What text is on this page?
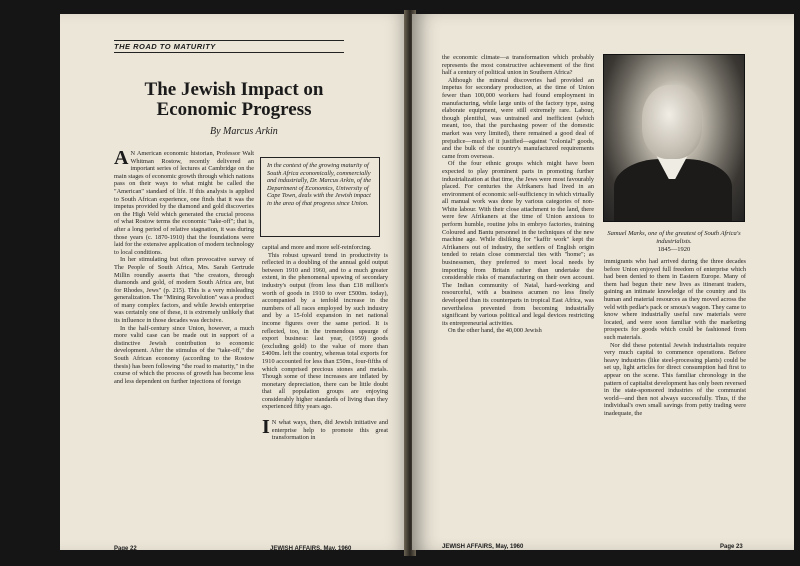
THE ROAD TO MATURITY
The Jewish Impact on Economic Progress
By Marcus Arkin
In the context of the growing maturity of South Africa economically, commercially and industrially, Dr. Marcus Arkin, of the Department of Economics, University of Cape Town, deals with the Jewish impact in the area of that progress since Union.

A N American economic historian, Professor Walt Whitman Rostow, recently delivered an important series of lectures at Cambridge on the main stages of economic growth through which nations pass on their ways to what might be called the "American" standard of life. If this analysis is applied to South African experience, one finds that it was the impetus provided by the diamond and gold discoveries on the High Veld which generated the crucial process of what Rostow terms the economic "take-off"; that is, after a long period of relative stagnation, it was during those years (c. 1870-1910) that the foundations were laid for the extensive application of modern technology to local conditions.

In her stimulating but often provocative survey of The People of South Africa, Mrs. Sarah Gertrude Millin roundly asserts that "the creators, through diamonds and gold, of modern South Africa are, but for Rhodes, Jews" (p. 215). This is a very misleading generalization. The "Mining Revolution" was a product of many complex factors, and while Jewish enterprise was certainly one of these, it is extremely unlikely that its influence in those decades was decisive.

In the half-century since Union, however, a much more valid case can be made out in support of a distinctive Jewish contribution to economic development. After the stimulus of the "take-off," the South African economy (according to the Rostow thesis) has been following "the road to maturity," in the course of which the process of growth has become less and less dependent on further injections of foreign

capital and more and more self-reinforcing.

This robust upward trend in productivity is reflected in a doubling of the annual gold output between 1910 and 1960, and to a much greater extent, in the phenomenal upswing of secondary industry's output (from less than £18 million's worth of goods in 1910 to over £500m. today), accompanied by a tenfold increase in the numbers of all races employed by such industry and by a 15-fold expansion in net national income figures over the same period. It is reflected, too, in the tremendous upsurge of export business: last year, (1959) goods (excluding gold) to the value of more than £400m. left the country, whereas total exports for 1910 accounted for less than £50m., four-fifths of which comprised precious stones and metals. Though some of these increases are inflated by monetary depreciation, there can be little doubt that all population groups are enjoying considerably higher standards of living than they experienced fifty years ago.

I N what ways, then, did Jewish initiative and enterprise help to promote this great transformation in

Page 22	JEWISH AFFAIRS, May, 1960

the economic climate—a transformation which probably represents the most constructive achievement of the first half a century of political union in Southern Africa?

Although the mineral discoveries had provided an impetus for secondary production, at the time of Union fewer than 100,000 workers had found employment in manufacturing, while large units of the factory type, using elaborate equipment, were still extremely rare. Labour, though plentiful, was untrained and inefficient (which meant, too, that the purchasing power of the domestic market was very limited), there remained a good deal of prejudice—much of it justified—against "colonial" goods, and the bulk of the country's manufactured requirements came from overseas.

Of the four ethnic groups which might have been expected to play prominent parts in promoting further industrialization at that time, the Jews were most favourably placed. For centuries the Afrikaners had lived in an environment of economic self-sufficiency in which virtually all manual work was done by various categories of non-White labour. With their close attachment to the land, there were few Afrikaners at the time of Union anxious to perform humble, routine jobs in embryo factories, training Coloured and Bantu personnel in the techniques of the new machine age. While disliking for "kaffir work" kept the Afrikaners out of industry, the settlers of English origin tended to retain close commercial ties with "home"; as businessmen, they preferred to meet local needs by importing from Britain rather than undertake the considerable risks of manufacturing on their own account. The Indian community of Natal, hard-working and resourceful, with a business acumen no less finely developed than its counterparts in tropical East Africa, was nevertheless prevented from becoming industrially significant by various political and legal devices restricting its entrepreneurial activities.

On the other hand, the 40,000 Jewish

Samuel Marks, one of the greatest of South Africa's industrialists.
1845—1920

immigrants who had arrived during the three decades before Union enjoyed full freedom of enterprise which had been denied to them in Eastern Europe. Many of them had begun their new lives as itinerant traders, gaining an intimate knowledge of the country and its human and material resources as they moved across the veld with pedlar's pack or smous's wagon. They came to know where industrially useful raw materials were located, and were soon familiar with the marketing prospects for goods which could be fashioned from such materials.

Nor did these potential Jewish industrialists require very much capital to commence operations. Before heavy industries (like steel-processing plants) could be set up, light articles for direct consumption had first to appear on the scene. This familiar chronology in the pattern of capitalist development has only been reversed in the state-sponsored industries of the communist world—and then not always successfully. Thus, if the individual's own small savings from petty trading were inadequate, the

JEWISH AFFAIRS, May, 1960	Page 23
